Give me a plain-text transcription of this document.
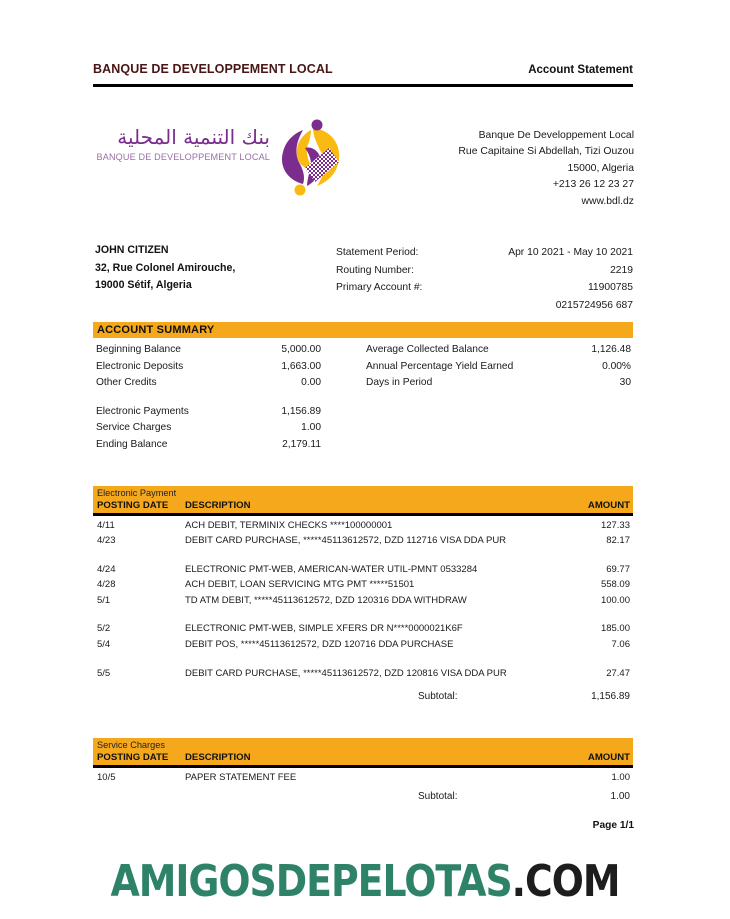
BANQUE DE DEVELOPPEMENT LOCAL	Account Statement
بنك التنمية المحلية
BANQUE DE DEVELOPPEMENT LOCAL
Banque De Developpement Local
Rue Capitaine Si Abdellah, Tizi Ouzou
15000, Algeria
+213 26 12 23 27
www.bdl.dz
JOHN CITIZEN
32, Rue Colonel Amirouche,
19000 Sétif, Algeria
Statement Period:	Apr 10 2021 - May 10 2021
Routing Number:	2219
Primary Account #:	11900785
0215724956 687
ACCOUNT SUMMARY
Beginning Balance	5,000.00
Electronic Deposits	1,663.00
Other Credits	0.00
Electronic Payments	1,156.89
Service Charges	1.00
Ending Balance	2,179.11
Average Collected Balance	1,126.48
Annual Percentage Yield Earned	0.00%
Days in Period	30
Electronic Payment
POSTING DATE	DESCRIPTION	AMOUNT
4/11	ACH DEBIT, TERMINIX CHECKS ****100000001	127.33
4/23	DEBIT CARD PURCHASE, *****45113612572, DZD 112716 VISA DDA PUR	82.17
4/24	ELECTRONIC PMT-WEB, AMERICAN-WATER UTIL-PMNT 0533284	69.77
4/28	ACH DEBIT, LOAN SERVICING MTG PMT *****51501	558.09
5/1	TD ATM DEBIT, *****45113612572, DZD 120316 DDA WITHDRAW	100.00
5/2	ELECTRONIC PMT-WEB, SIMPLE XFERS DR N****0000021K6F	185.00
5/4	DEBIT POS, *****45113612572, DZD 120716 DDA PURCHASE	7.06
5/5	DEBIT CARD PURCHASE, *****45113612572, DZD 120816 VISA DDA PUR	27.47
Subtotal:	1,156.89
Service Charges
POSTING DATE	DESCRIPTION	AMOUNT
10/5	PAPER STATEMENT FEE	1.00
Subtotal:	1.00
Page 1/1
AMIGOSDEPELOTAS.COM
